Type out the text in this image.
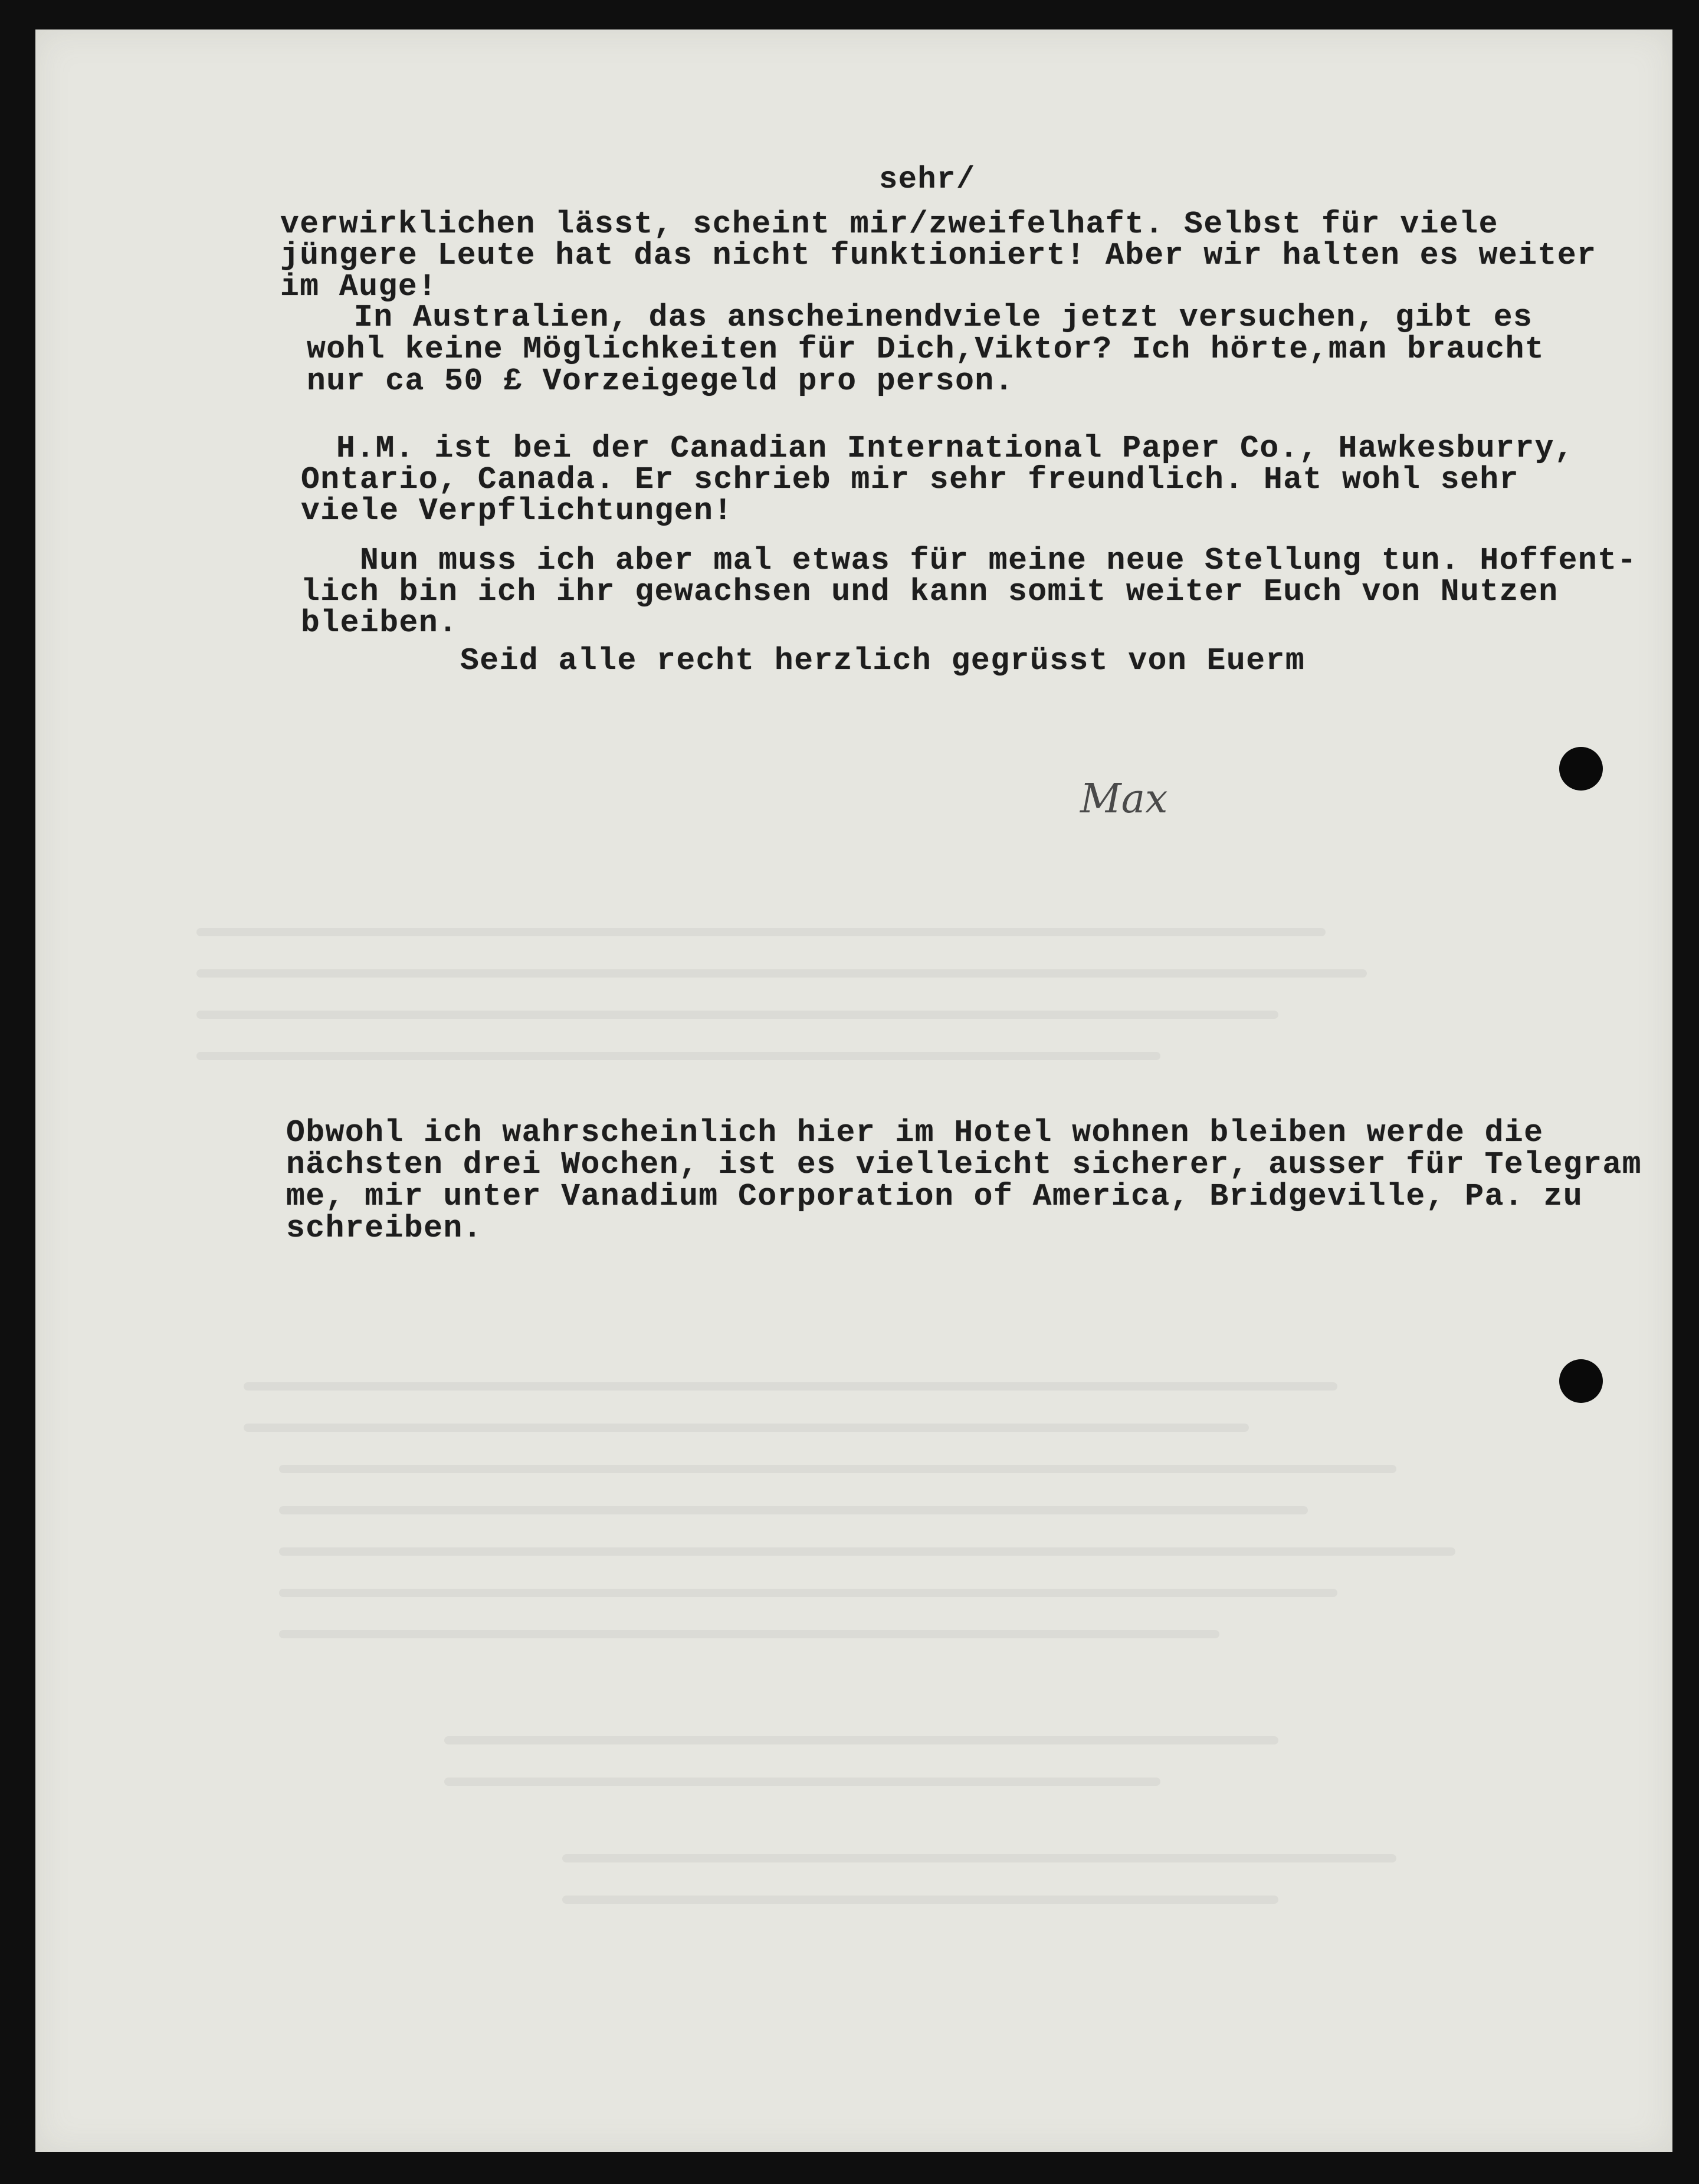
sehr/
verwirklichen lässt, scheint mir/zweifelhaft. Selbst für viele
jüngere Leute hat das nicht funktioniert! Aber wir halten es weiter
im Auge!
In Australien, das anscheinendviele jetzt versuchen, gibt es
wohl keine Möglichkeiten für Dich,Viktor? Ich hörte,man braucht
nur ca 50 £ Vorzeigegeld pro person.
H.M. ist bei der Canadian International Paper Co., Hawkesburry,
Ontario, Canada. Er schrieb mir sehr freundlich. Hat wohl sehr
viele Verpflichtungen!
Nun muss ich aber mal etwas für meine neue Stellung tun. Hoffent-
lich bin ich ihr gewachsen und kann somit weiter Euch von Nutzen
bleiben.
Seid alle recht herzlich gegrüsst von Euerm
Max
Obwohl ich wahrscheinlich hier im Hotel wohnen bleiben werde die
nächsten drei Wochen, ist es vielleicht sicherer, ausser für Telegram
me, mir unter Vanadium Corporation of America, Bridgeville, Pa. zu
schreiben.
